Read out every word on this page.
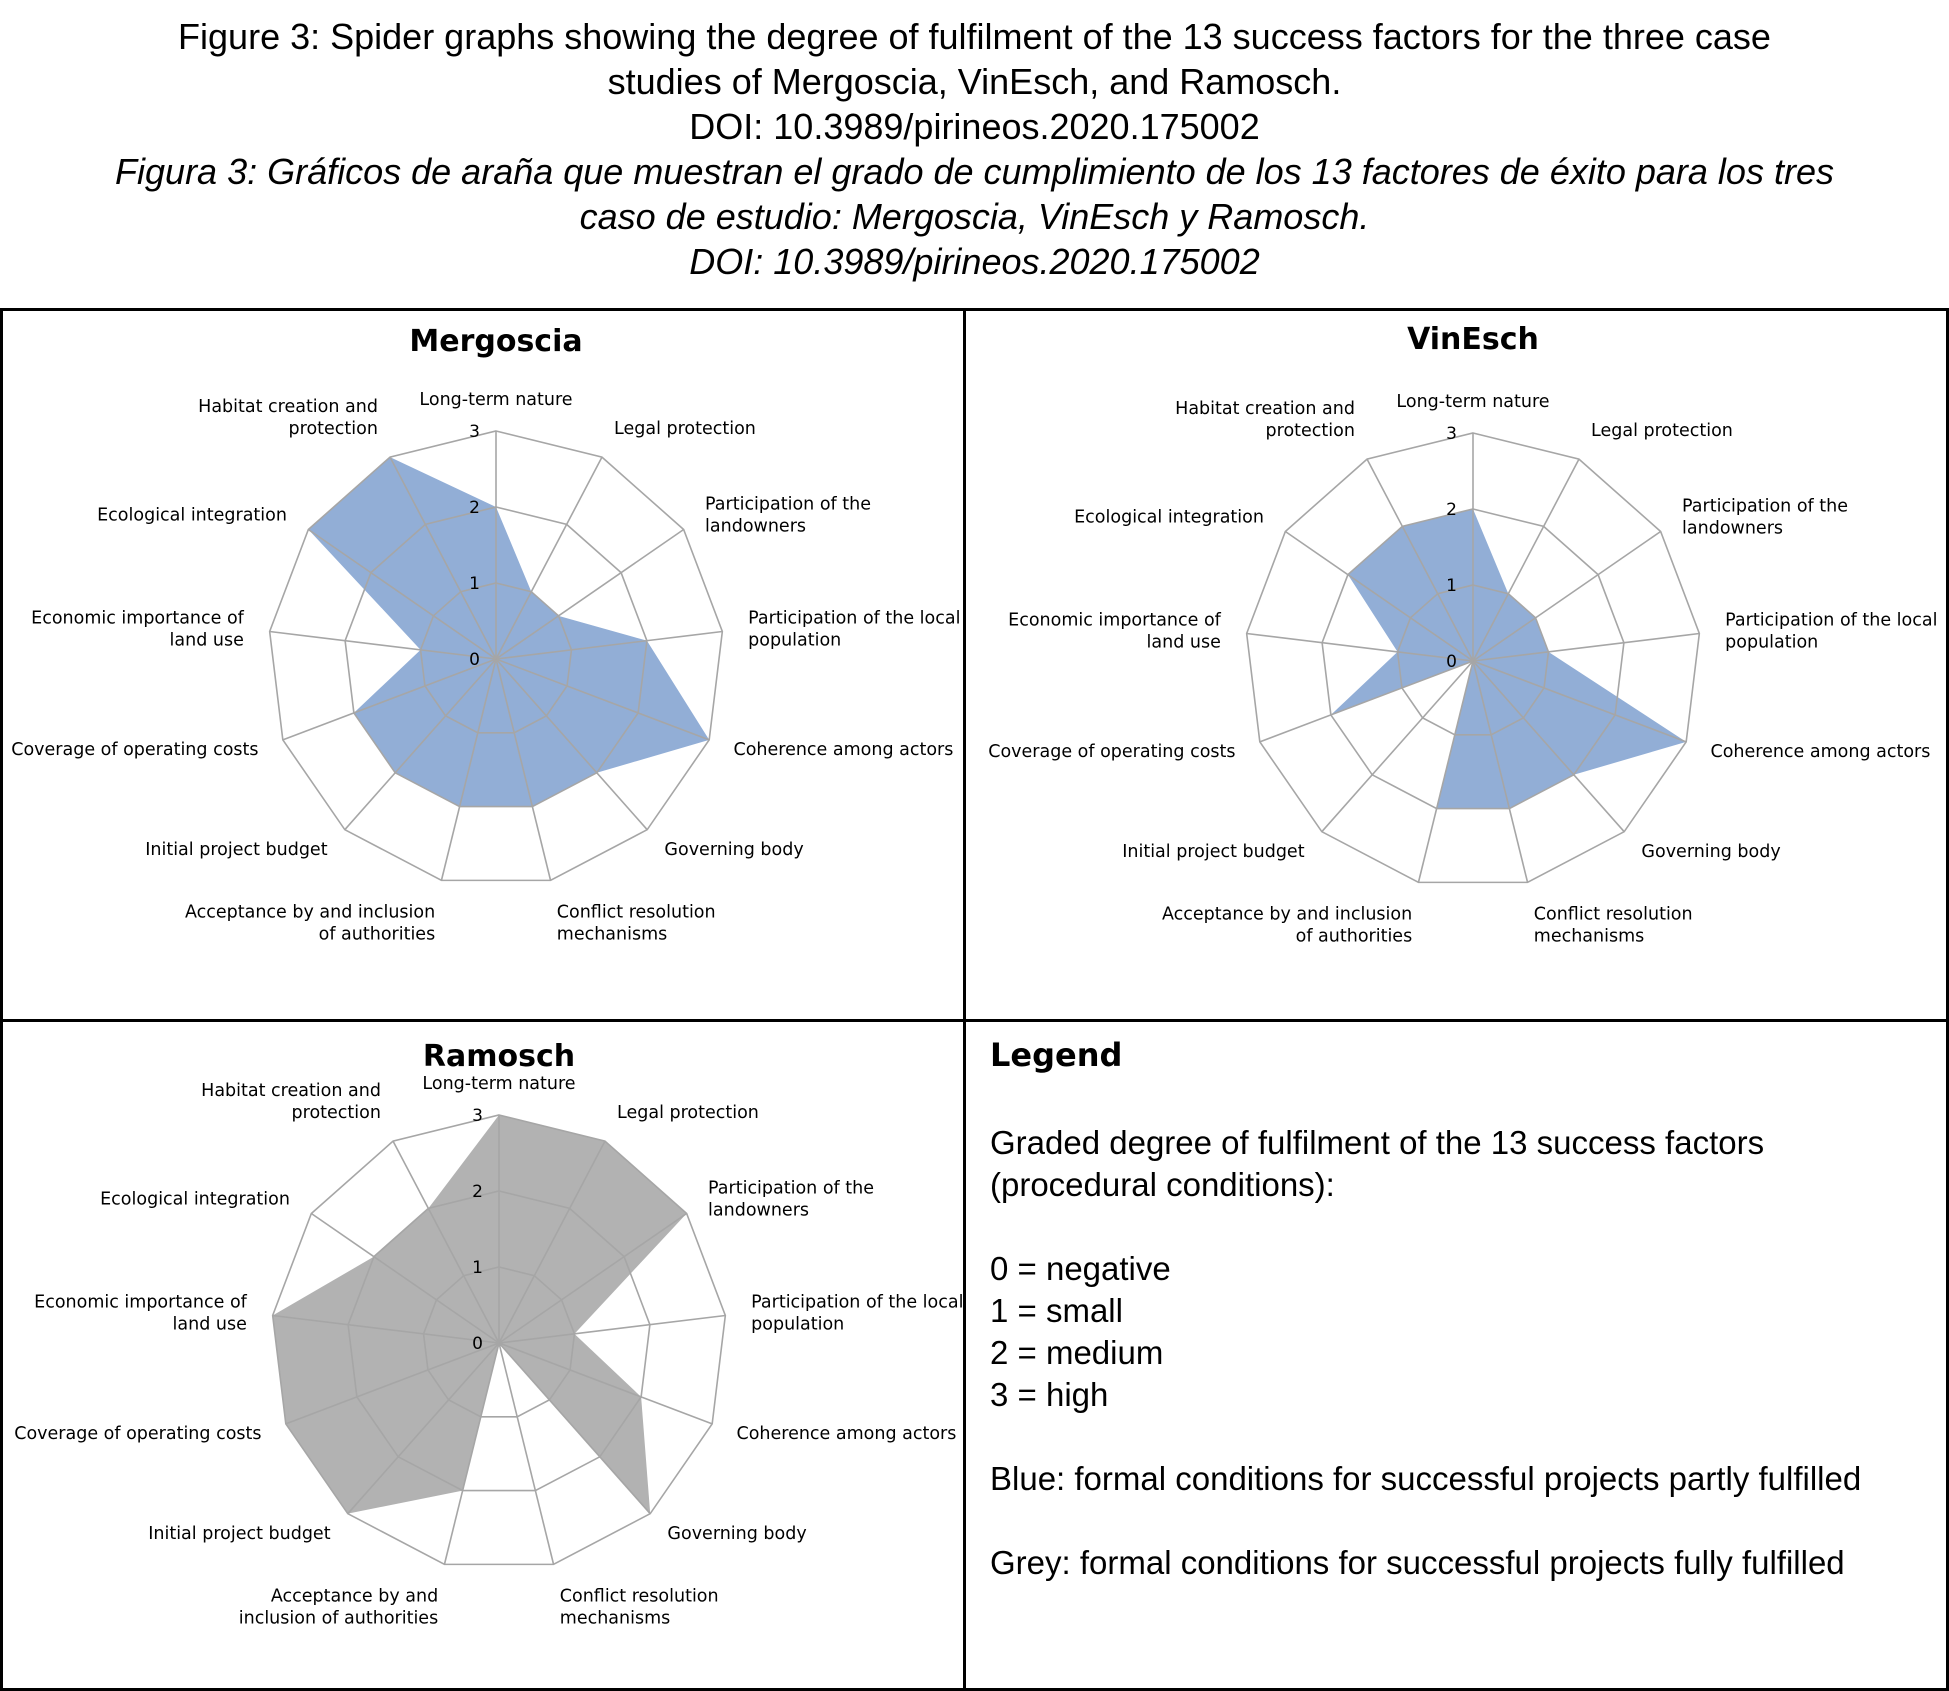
Figure 3: Spider graphs showing the degree of fulfilment of the 13 success factors for the three case
studies of Mergoscia, VinEsch, and Ramosch.
DOI: 10.3989/pirineos.2020.175002
Figura 3: Gráficos de araña que muestran el grado de cumplimiento de los 13 factores de éxito para los tres
caso de estudio: Mergoscia, VinEsch y Ramosch.
DOI: 10.3989/pirineos.2020.175002
Mergoscia
0
1
2
3
Long-term nature
Legal protection
Participation of the
landowners
Participation of the local
population
Coherence among actors
Governing body
Conflict resolution
mechanisms
Acceptance by and inclusion
of authorities
Initial project budget
Coverage of operating costs
Economic importance of
land use
Ecological integration
Habitat creation and
protection
VinEsch
0
1
2
3
Long-term nature
Legal protection
Participation of the
landowners
Participation of the local
population
Coherence among actors
Governing body
Conflict resolution
mechanisms
Acceptance by and inclusion
of authorities
Initial project budget
Coverage of operating costs
Economic importance of
land use
Ecological integration
Habitat creation and
protection
0
1
2
3
Long-term nature
Legal protection
Participation of the
landowners
Participation of the local
population
Coherence among actors
Governing body
Conflict resolution
mechanisms
Acceptance by and
inclusion of authorities
Initial project budget
Coverage of operating costs
Economic importance of
land use
Ecological integration
Habitat creation and
protection
Ramosch	Legend
Graded degree of fulfilment of the 13 success factors
(procedural conditions):
0 = negative
1 = small
2 = medium
3 = high
Blue: formal conditions for successful projects partly fulfilled
Grey: formal conditions for successful projects fully fulfilled
